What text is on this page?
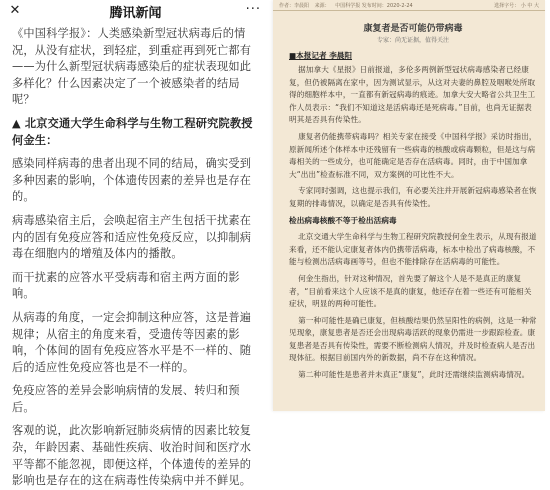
✕	腾讯新闻	···

《中国科学报》：人类感染新型冠状病毒后的情况，从没有症状，到轻症，到重症再到死亡都有——为什么新型冠状病毒感染后的症状表现如此多样化？什么因素决定了一个被感染者的结局呢？

▲ 北京交通大学生命科学与生物工程研究院教授何金生：

感染同样病毒的患者出现不同的结局，确实受到多种因素的影响，个体遗传因素的差异也是存在的。

病毒感染宿主后，会唤起宿主产生包括干扰素在内的固有免疫应答和适应性免疫反应，以抑制病毒在细胞内的增殖及体内的播散。

而干扰素的应答水平受病毒和宿主两方面的影响。

从病毒的角度，一定会抑制这种应答，这是普遍规律；从宿主的角度来看，受遗传等因素的影响，个体间的固有免疫应答水平是不一样的、随后的适应性免疫应答也是不一样的。

免疫应答的差异会影响病情的发展、转归和预后。

客观的说，此次影响新冠肺炎病情的因素比较复杂，年龄因素、基础性疾病、收治时间和医疗水平等都不能忽视，即便这样，个体遗传的差异的影响也是存在的这在病毒性传染病中并不鲜见。

作者：李晨阳 来源： 中国科学报 发布时间：2020-2-24	选择字号： 小 中 大
康复者是否可能仍带病毒
专家：尚无证据，值得关注
■本报记者 李晨阳

据加拿大《星报》日前报道，多伦多两例新型冠状病毒感染者已经康复，但仍被隔离在家中，因为测试显示，从这对夫妻的鼻腔及咽喉处所取得的细胞样本中，一直都有新冠病毒的痕迹。加拿大安大略省公共卫生工作人员表示：“我们不知道这是活病毒还是死病毒。”目前，也尚无证据表明其是否具有传染性。

康复者仍能携带病毒吗？相关专家在接受《中国科学报》采访时指出，原新闻所述个体样本中还残留有一些病毒的核酸或病毒颗粒，但是这与病毒相关的一些成分，也可能确定是否存在活病毒。同时，由于中国加拿大“出出”检查标准不同，双方案例的可比性不大。

专家同时强调，这也提示我们，有必要关注并开展新冠病毒感染者在恢复期的排毒情况，以确定是否具有传染性。

检出病毒核酸不等于检出活病毒

北京交通大学生命科学与生物工程研究院教授何金生表示，从现有报道来看，还不能认定康复者体内仍携带活病毒，标本中检出了病毒核酸，不能与检测出活病毒画等号，但也不能排除存在活病毒的可能性。

何金生指出，针对这种情况，首先要了解这个人是不是真正的康复者，“目前看来这个人应该不是真的康复，他还存在着一些还有可能相关症状，明显的两种可能性。

第一种可能性是确已康复，但核酸结果仍然呈阳性的病例，这是一种常见现象，康复患者是否还会出现病毒活跃的现象仍需进一步跟踪检查。康复患者是否具有传染性，需要不断检测病人情况，并及时检查病人是否出现体征。根据目前国内外的新数据，尚不存在这种情况。

第二种可能性是患者并未真正“康复”，此时还需继续监测病毒情况。
